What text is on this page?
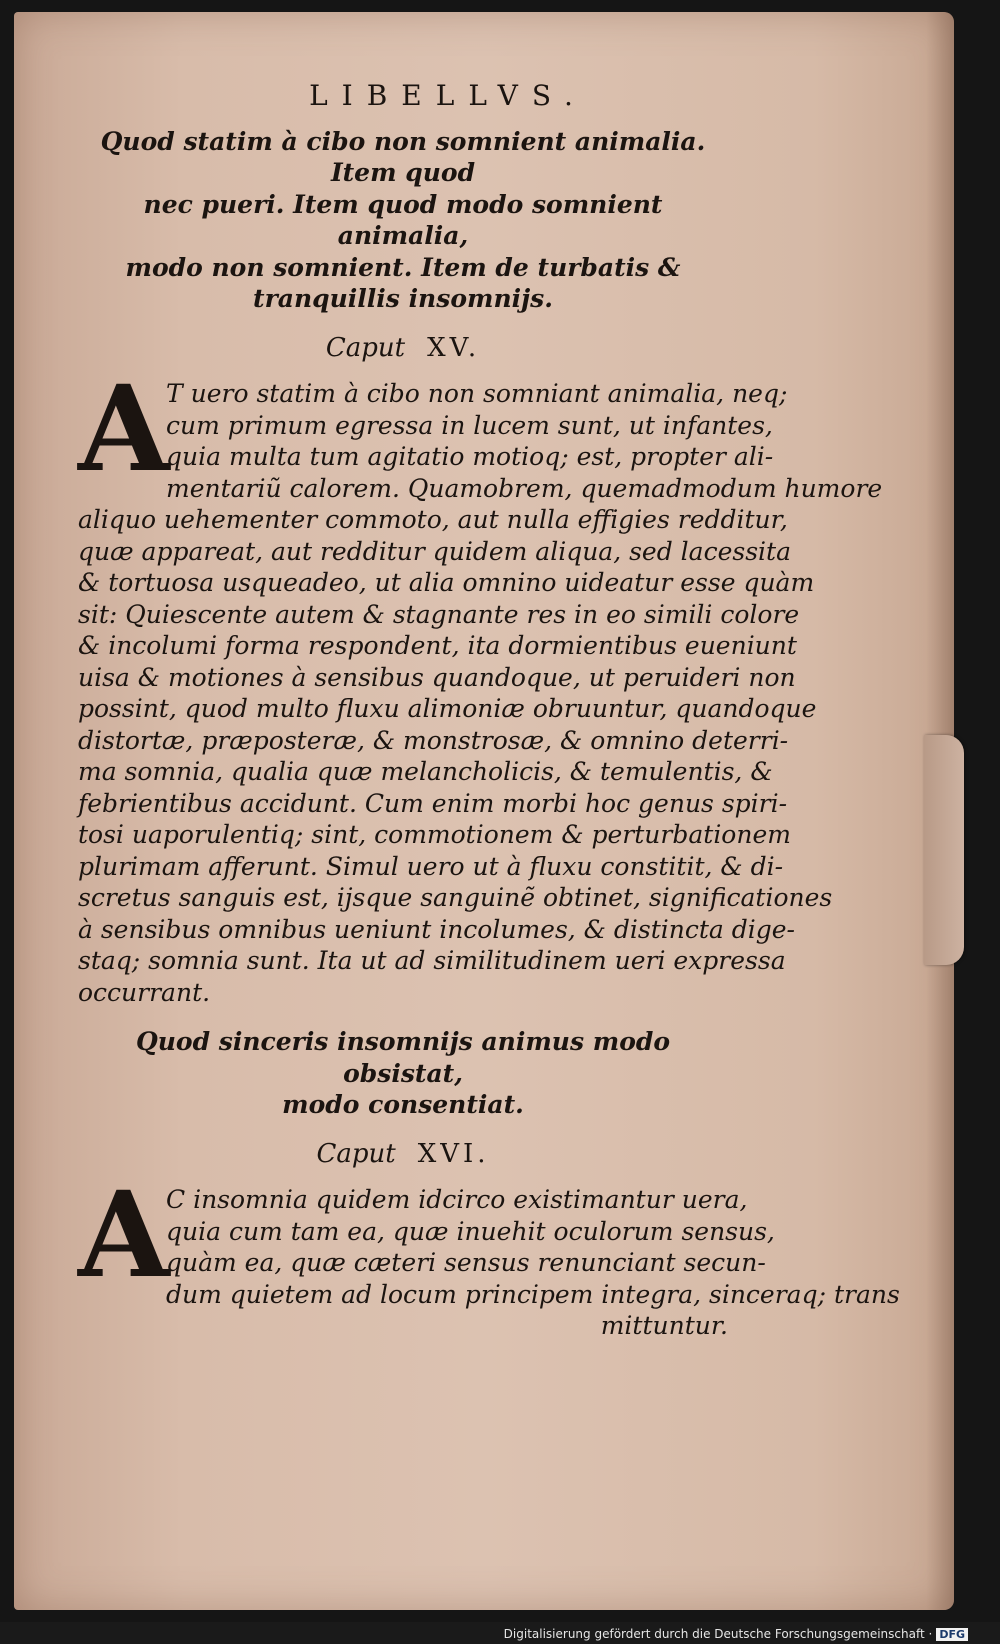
LIBELLVS.

Quod statim à cibo non somnient animalia. Item quod
nec pueri. Item quod modo somnient animalia,
modo non somnient. Item de turbatis &
tranquillis insomnijs.

Caput XV.
A
T uero statim à cibo non somniant animalia, neq;
cum primum egressa in lucem sunt, ut infantes,
quia multa tum agitatio motioq; est, propter ali-
mentariũ calorem. Quamobrem, quemadmodum humore
aliquo uehementer commoto, aut nulla effigies redditur,
quæ appareat, aut redditur quidem aliqua, sed lacessita
& tortuosa usqueadeo, ut alia omnino uideatur esse quàm
sit: Quiescente autem & stagnante res in eo simili colore
& incolumi forma respondent, ita dormientibus eueniunt
uisa & motiones à sensibus quandoque, ut peruideri non
possint, quod multo fluxu alimoniæ obruuntur, quandoque
distortæ, præposteræ, & monstrosæ, & omnino deterri-
ma somnia, qualia quæ melancholicis, & temulentis, &
febrientibus accidunt. Cum enim morbi hoc genus spiri-
tosi uaporulentiq; sint, commotionem & perturbationem
plurimam afferunt. Simul uero ut à fluxu constitit, & di-
scretus sanguis est, ijsque sanguinẽ obtinet, significationes
à sensibus omnibus ueniunt incolumes, & distincta dige-
staq; somnia sunt. Ita ut ad similitudinem ueri expressa
occurrant.

Quod sinceris insomnijs animus modo obsistat,
modo consentiat.

Caput XVI.
A
C insomnia quidem idcirco existimantur uera,
quia cum tam ea, quæ inuehit oculorum sensus,
quàm ea, quæ cæteri sensus renunciant secun-
dum quietem ad locum principem integra, sinceraq; trans
mittuntur.
Digitalisierung gefördert durch die Deutsche Forschungsgemeinschaft · DFG
